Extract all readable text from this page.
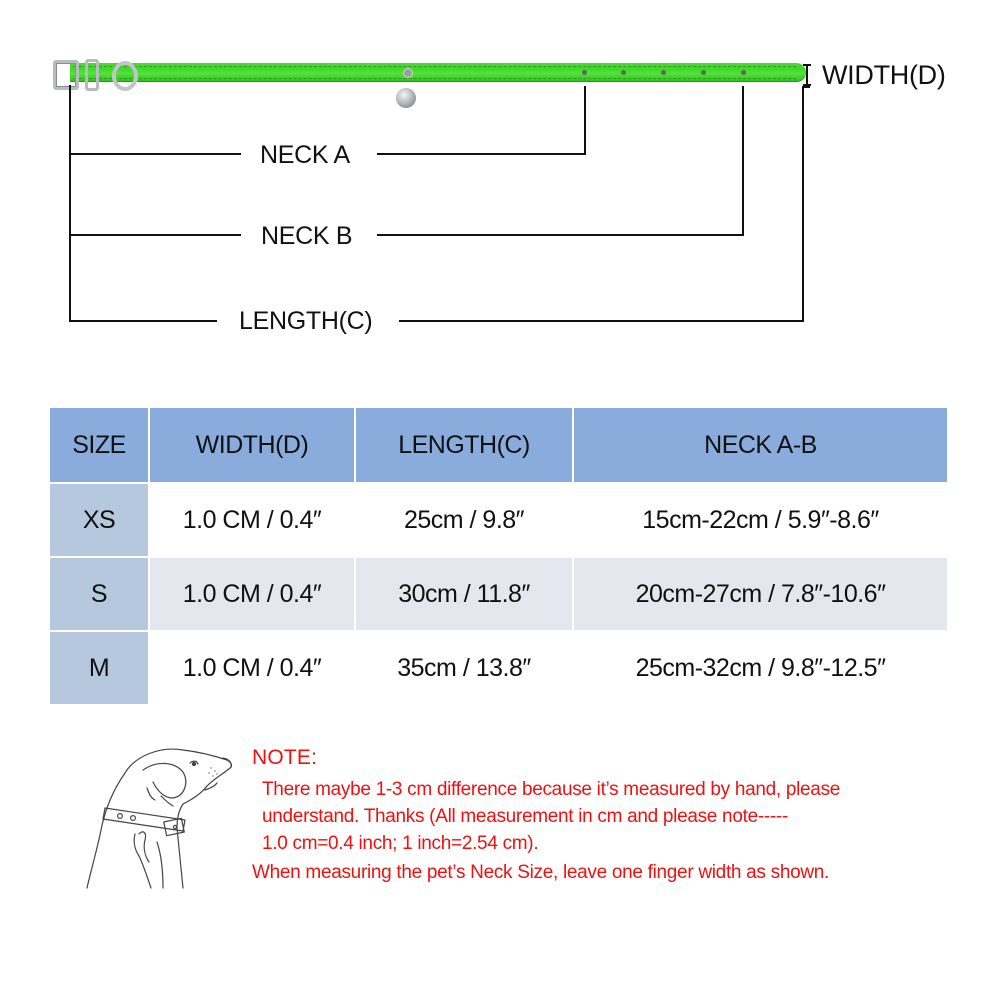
WIDTH(D)
NECK A
NECK B
LENGTH(C)
SIZE	WIDTH(D)	LENGTH(C)	NECK A-B
XS	1.0 CM / 0.4″	25cm / 9.8″	15cm-22cm / 5.9″-8.6″
S	1.0 CM / 0.4″	30cm / 11.8″	20cm-27cm / 7.8″-10.6″
M	1.0 CM / 0.4″	35cm / 13.8″	25cm-32cm / 9.8″-12.5″
NOTE:
There maybe 1-3 cm difference because it’s measured by hand, please
understand. Thanks (All measurement in cm and please note-----
1.0 cm=0.4 inch; 1 inch=2.54 cm).
When measuring the pet’s Neck Size, leave one finger width as shown.
